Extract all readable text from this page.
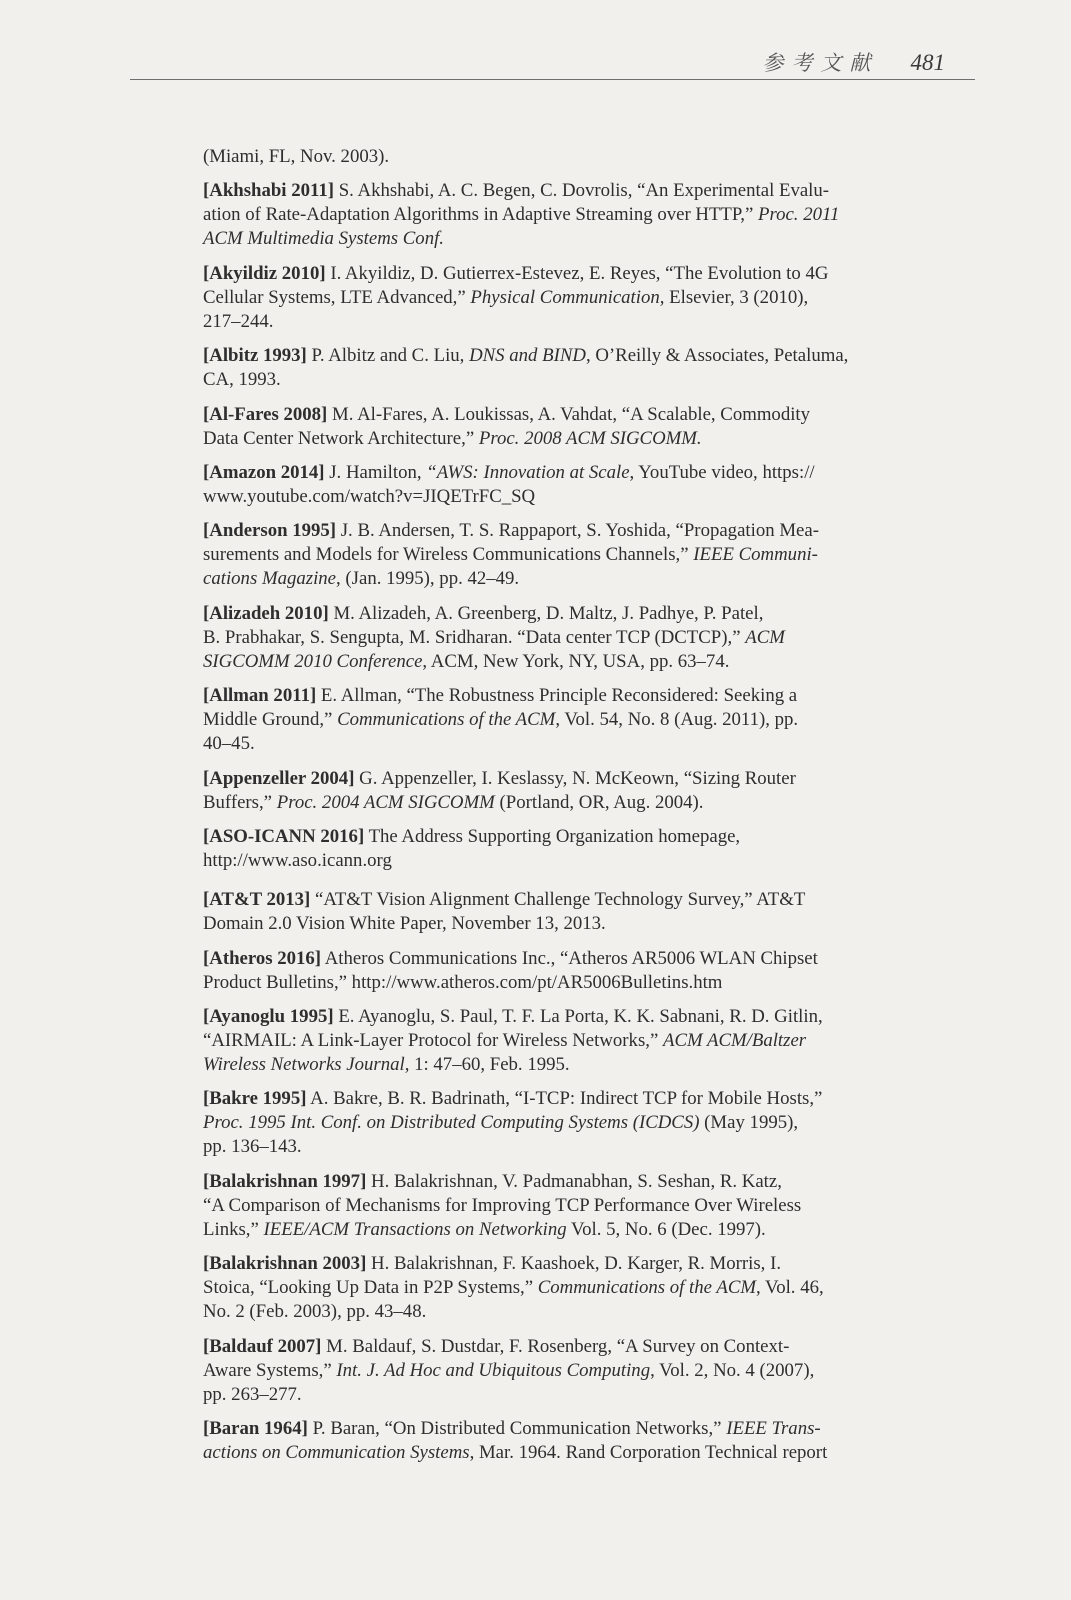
参考文献 481
(Miami, FL, Nov. 2003).
[Akhshabi 2011] S. Akhshabi, A. C. Begen, C. Dovrolis, “An Experimental Evalu-
ation of Rate-Adaptation Algorithms in Adaptive Streaming over HTTP,” Proc. 2011
ACM Multimedia Systems Conf.
[Akyildiz 2010] I. Akyildiz, D. Gutierrex-Estevez, E. Reyes, “The Evolution to 4G
Cellular Systems, LTE Advanced,” Physical Communication, Elsevier, 3 (2010),
217–244.
[Albitz 1993] P. Albitz and C. Liu, DNS and BIND, O’Reilly & Associates, Petaluma,
CA, 1993.
[Al-Fares 2008] M. Al-Fares, A. Loukissas, A. Vahdat, “A Scalable, Commodity
Data Center Network Architecture,” Proc. 2008 ACM SIGCOMM.
[Amazon 2014] J. Hamilton, “AWS: Innovation at Scale, YouTube video, https://
www.youtube.com/watch?v=JIQETrFC_SQ
[Anderson 1995] J. B. Andersen, T. S. Rappaport, S. Yoshida, “Propagation Mea-
surements and Models for Wireless Communications Channels,” IEEE Communi-
cations Magazine, (Jan. 1995), pp. 42–49.
[Alizadeh 2010] M. Alizadeh, A. Greenberg, D. Maltz, J. Padhye, P. Patel,
B. Prabhakar, S. Sengupta, M. Sridharan. “Data center TCP (DCTCP),” ACM
SIGCOMM 2010 Conference, ACM, New York, NY, USA, pp. 63–74.
[Allman 2011] E. Allman, “The Robustness Principle Reconsidered: Seeking a
Middle Ground,” Communications of the ACM, Vol. 54, No. 8 (Aug. 2011), pp.
40–45.
[Appenzeller 2004] G. Appenzeller, I. Keslassy, N. McKeown, “Sizing Router
Buffers,” Proc. 2004 ACM SIGCOMM (Portland, OR, Aug. 2004).
[ASO-ICANN 2016] The Address Supporting Organization homepage,
http://www.aso.icann.org
[AT&T 2013] “AT&T Vision Alignment Challenge Technology Survey,” AT&T
Domain 2.0 Vision White Paper, November 13, 2013.
[Atheros 2016] Atheros Communications Inc., “Atheros AR5006 WLAN Chipset
Product Bulletins,” http://www.atheros.com/pt/AR5006Bulletins.htm
[Ayanoglu 1995] E. Ayanoglu, S. Paul, T. F. La Porta, K. K. Sabnani, R. D. Gitlin,
“AIRMAIL: A Link-Layer Protocol for Wireless Networks,” ACM ACM/Baltzer
Wireless Networks Journal, 1: 47–60, Feb. 1995.
[Bakre 1995] A. Bakre, B. R. Badrinath, “I-TCP: Indirect TCP for Mobile Hosts,”
Proc. 1995 Int. Conf. on Distributed Computing Systems (ICDCS) (May 1995),
pp. 136–143.
[Balakrishnan 1997] H. Balakrishnan, V. Padmanabhan, S. Seshan, R. Katz,
“A Comparison of Mechanisms for Improving TCP Performance Over Wireless
Links,” IEEE/ACM Transactions on Networking Vol. 5, No. 6 (Dec. 1997).
[Balakrishnan 2003] H. Balakrishnan, F. Kaashoek, D. Karger, R. Morris, I.
Stoica, “Looking Up Data in P2P Systems,” Communications of the ACM, Vol. 46,
No. 2 (Feb. 2003), pp. 43–48.
[Baldauf 2007] M. Baldauf, S. Dustdar, F. Rosenberg, “A Survey on Context-
Aware Systems,” Int. J. Ad Hoc and Ubiquitous Computing, Vol. 2, No. 4 (2007),
pp. 263–277.
[Baran 1964] P. Baran, “On Distributed Communication Networks,” IEEE Trans-
actions on Communication Systems, Mar. 1964. Rand Corporation Technical report
